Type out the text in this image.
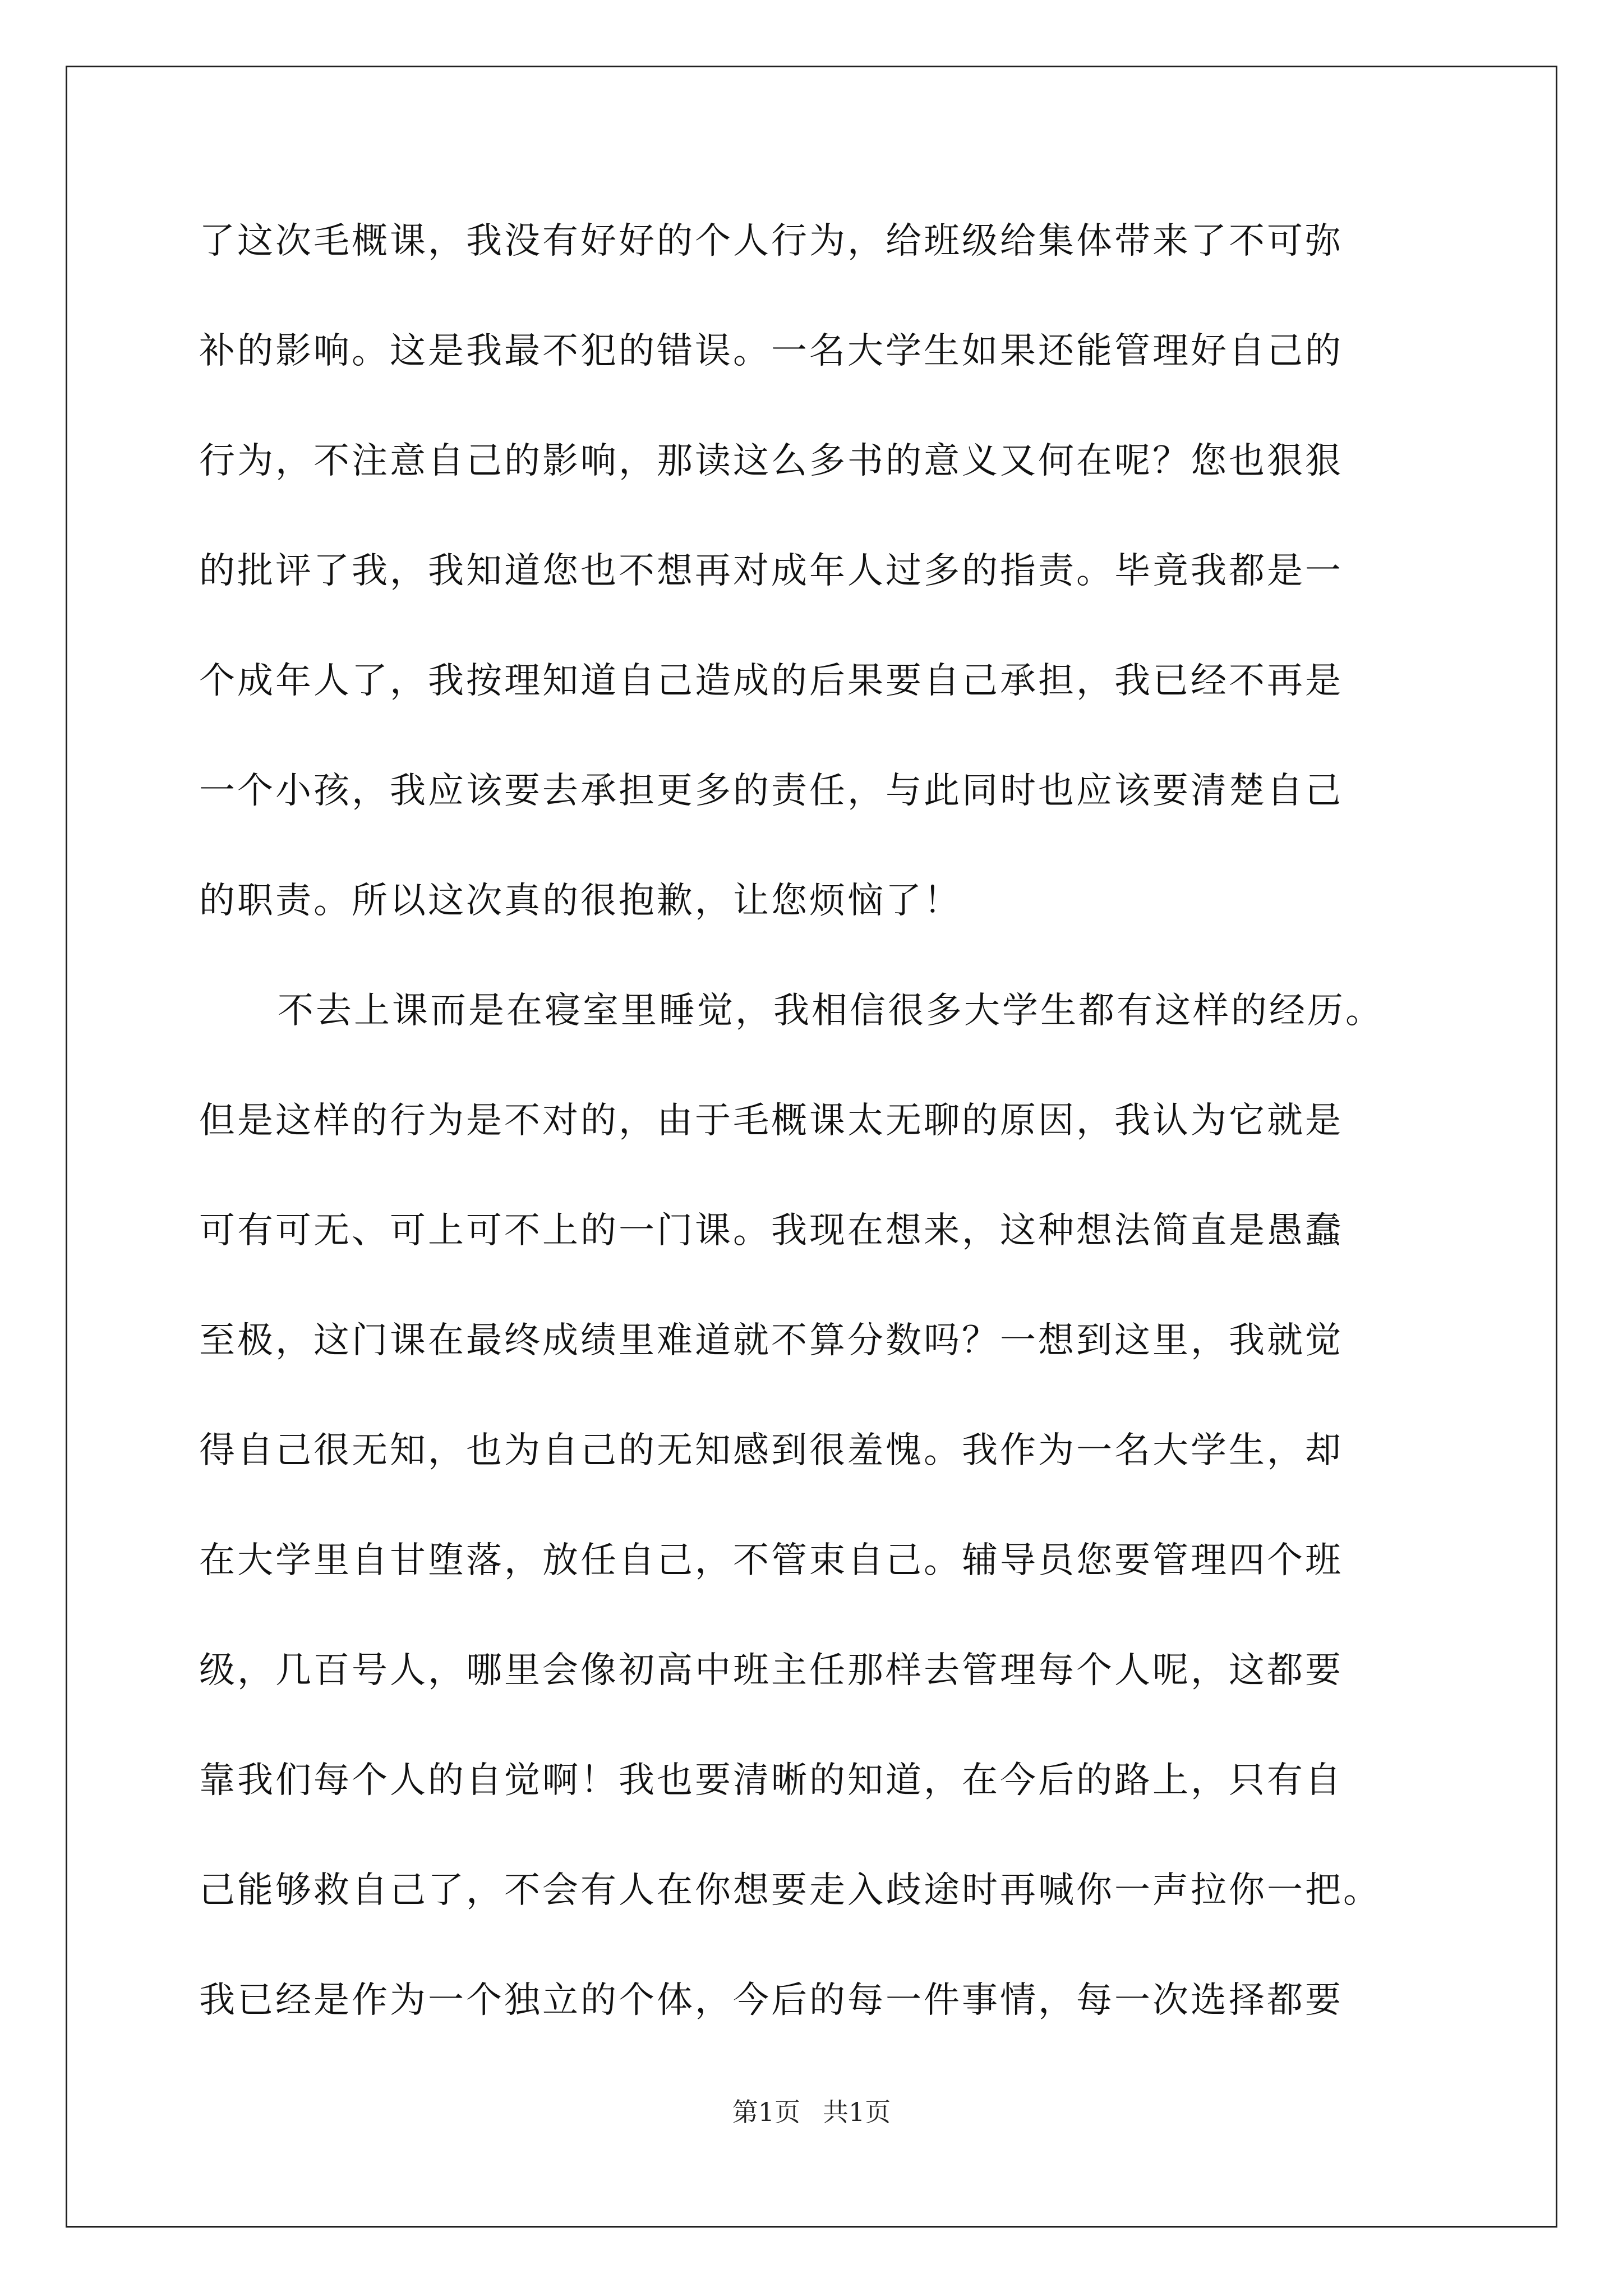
了这次毛概课，我没有好好的个人行为，给班级给集体带来了不可弥
补的影响。这是我最不犯的错误。一名大学生如果还能管理好自己的
行为，不注意自己的影响，那读这么多书的意义又何在呢？您也狠狠
的批评了我，我知道您也不想再对成年人过多的指责。毕竟我都是一
个成年人了，我按理知道自己造成的后果要自己承担，我已经不再是
一个小孩，我应该要去承担更多的责任，与此同时也应该要清楚自己
的职责。所以这次真的很抱歉，让您烦恼了！
不去上课而是在寝室里睡觉，我相信很多大学生都有这样的经历。
但是这样的行为是不对的，由于毛概课太无聊的原因，我认为它就是
可有可无、可上可不上的一门课。我现在想来，这种想法简直是愚蠢
至极，这门课在最终成绩里难道就不算分数吗？一想到这里，我就觉
得自己很无知，也为自己的无知感到很羞愧。我作为一名大学生，却
在大学里自甘堕落，放任自己，不管束自己。辅导员您要管理四个班
级，几百号人，哪里会像初高中班主任那样去管理每个人呢，这都要
靠我们每个人的自觉啊！我也要清晰的知道，在今后的路上，只有自
己能够救自己了，不会有人在你想要走入歧途时再喊你一声拉你一把。
我已经是作为一个独立的个体，今后的每一件事情，每一次选择都要
第1页 共1页
